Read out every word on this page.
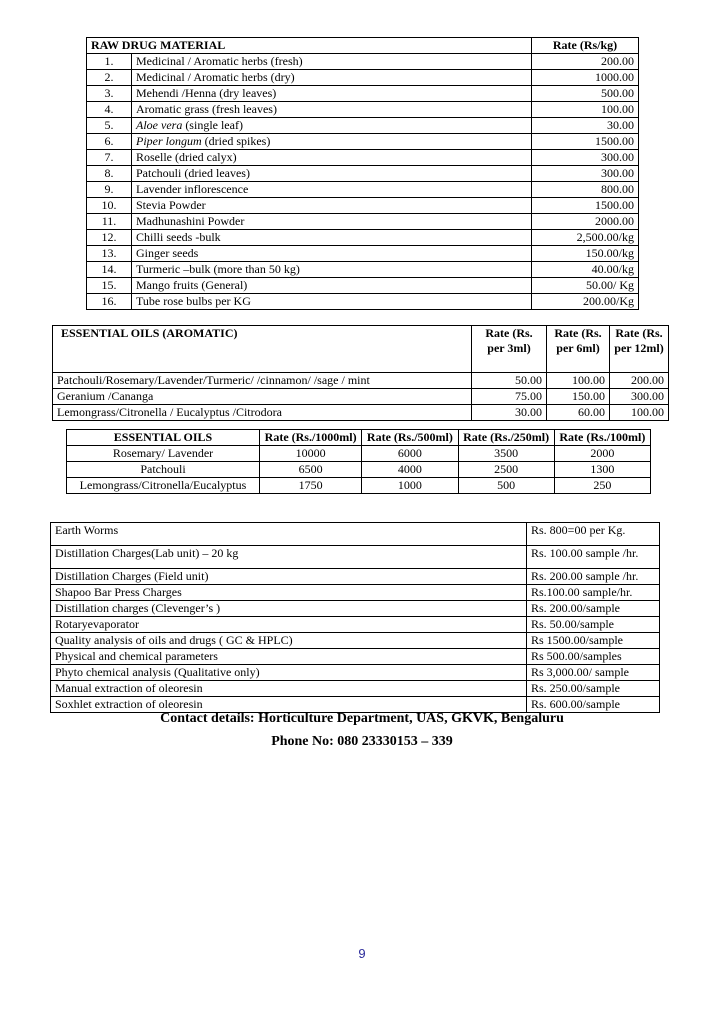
RAW DRUG MATERIAL		Rate (Rs/kg)
1.	Medicinal / Aromatic herbs (fresh)	200.00
2.	Medicinal / Aromatic herbs (dry)	1000.00
3.	Mehendi /Henna (dry leaves)	500.00
4.	Aromatic grass (fresh leaves)	100.00
5.	Aloe vera (single leaf)	30.00
6.	Piper longum (dried spikes)	1500.00
7.	Roselle (dried calyx)	300.00
8.	Patchouli (dried leaves)	300.00
9.	Lavender inflorescence	800.00
10.	Stevia Powder	1500.00
11.	Madhunashini Powder	2000.00
12.	Chilli seeds -bulk	2,500.00/kg
13.	Ginger seeds	150.00/kg
14.	Turmeric –bulk (more than 50 kg)	40.00/kg
15.	Mango fruits (General)	50.00/ Kg
16.	Tube rose bulbs per KG	200.00/Kg
ESSENTIAL OILS (AROMATIC)	Rate (Rs. per 3ml)	Rate (Rs. per 6ml)	Rate (Rs. per 12ml)
Patchouli/Rosemary/Lavender/Turmeric/ /cinnamon/ /sage / mint	50.00	100.00	200.00
Geranium /Cananga	75.00	150.00	300.00
Lemongrass/Citronella / Eucalyptus /Citrodora	30.00	60.00	100.00
ESSENTIAL OILS	Rate (Rs./1000ml)	Rate (Rs./500ml)	Rate (Rs./250ml)	Rate (Rs./100ml)
Rosemary/ Lavender	10000	6000	3500	2000
Patchouli	6500	4000	2500	1300
Lemongrass/Citronella/Eucalyptus	1750	1000	500	250
Earth Worms	Rs. 800=00 per Kg.
Distillation Charges(Lab unit) – 20 kg	Rs. 100.00 sample /hr.
Distillation Charges (Field unit)	Rs. 200.00 sample /hr.
Shapoo Bar Press Charges	Rs.100.00 sample/hr.
Distillation charges (Clevenger’s )	Rs. 200.00/sample
Rotaryevaporator	Rs. 50.00/sample
Quality analysis of oils and drugs ( GC & HPLC)	Rs 1500.00/sample
Physical and chemical parameters	Rs 500.00/samples
Phyto chemical analysis (Qualitative only)	Rs 3,000.00/ sample
Manual extraction of oleoresin	Rs. 250.00/sample
Soxhlet extraction of oleoresin	Rs. 600.00/sample
Contact details: Horticulture Department, UAS, GKVK, Bengaluru
Phone No: 080 23330153 – 339
9
